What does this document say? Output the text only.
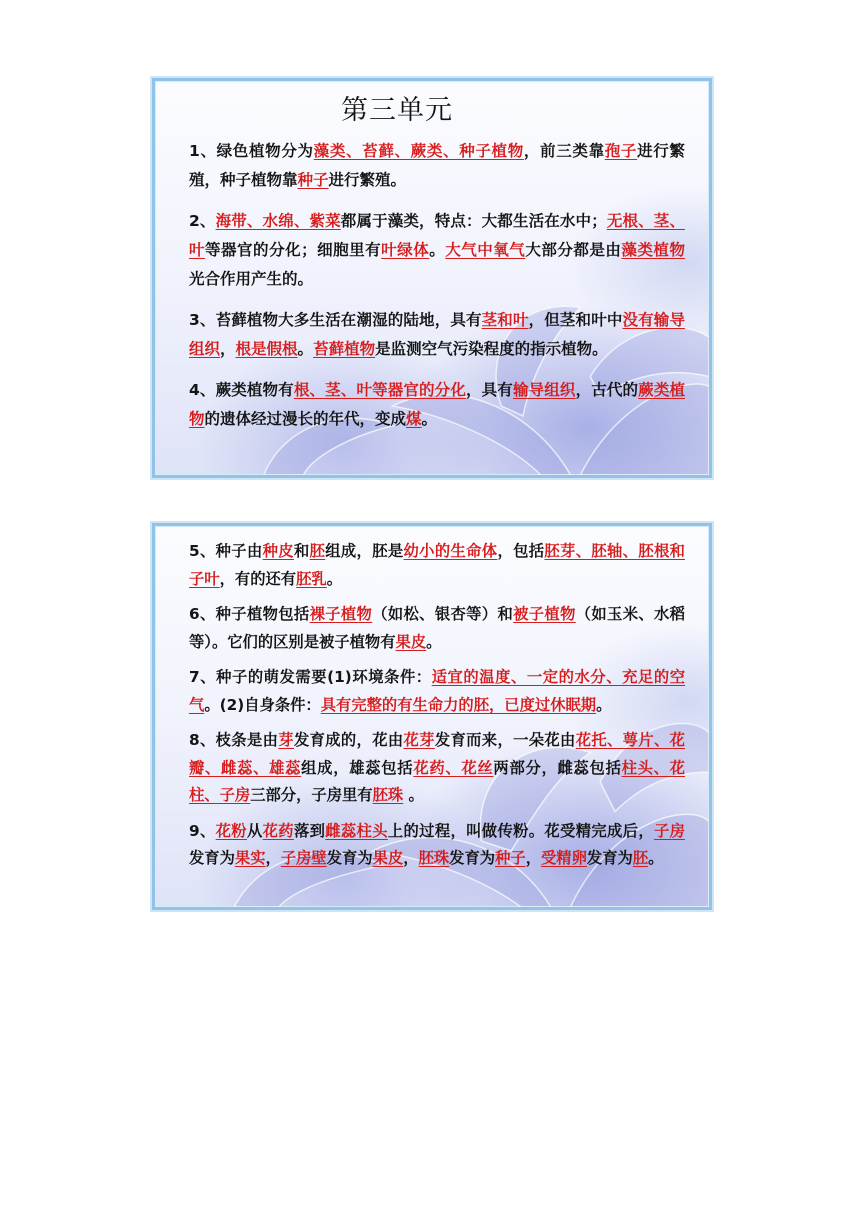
第三单元
1、绿色植物分为藻类、苔藓、蕨类、种子植物，前三类靠孢子进行繁殖，种子植物靠种子进行繁殖。
2、海带、水绵、紫菜都属于藻类，特点：大都生活在水中；无根、茎、叶等器官的分化；细胞里有叶绿体。大气中氧气大部分都是由藻类植物光合作用产生的。
3、苔藓植物大多生活在潮湿的陆地，具有茎和叶，但茎和叶中没有输导组织，根是假根。苔藓植物是监测空气污染程度的指示植物。
4、蕨类植物有根、茎、叶等器官的分化，具有输导组织，古代的蕨类植物的遗体经过漫长的年代，变成煤。
5、种子由种皮和胚组成，胚是幼小的生命体，包括胚芽、胚轴、胚根和子叶，有的还有胚乳。
6、种子植物包括裸子植物（如松、银杏等）和被子植物（如玉米、水稻等）。它们的区别是被子植物有果皮。
7、种子的萌发需要(1)环境条件：适宜的温度、一定的水分、充足的空气。(2)自身条件：具有完整的有生命力的胚，已度过休眠期。
8、枝条是由芽发育成的，花由花芽发育而来，一朵花由花托、萼片、花瓣、雌蕊、雄蕊组成，雄蕊包括花药、花丝两部分，雌蕊包括柱头、花柱、子房三部分，子房里有胚珠 。
9、花粉从花药落到雌蕊柱头上的过程，叫做传粉。花受精完成后，子房发育为果实，子房壁发育为果皮，胚珠发育为种子，受精卵发育为胚。
